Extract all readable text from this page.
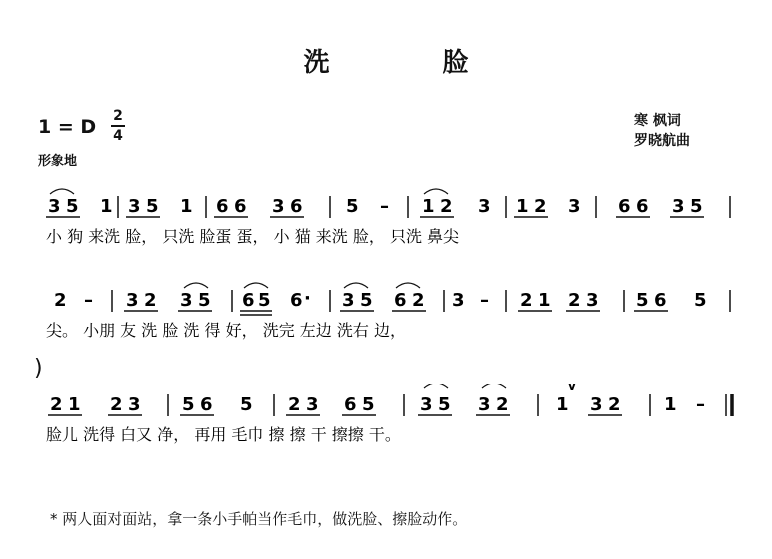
洗 脸
1 = D 2
4
形象地
寒 枫词
罗晓航曲
3 5 1 3 5 1 6 6 3 6 5 – 1 2 3 1 2 3 6 6 3 5
小 狗 来洗 脸， 只洗 脸蛋 蛋， 小 猫 来洗 脸， 只洗 鼻尖
2 – 3 2 3 5 6 5 6 · 3 5 6 2 3 – 2 1 2 3 5 6 5
尖。 小朋 友 洗 脸 洗 得 好， 洗完 左边 洗右 边，
)
2 1 2 3 5 6 5 2 3 6 5	3 5 3 2	1
v
3 2 1 –
脸儿 洗得 白又 净， 再用 毛巾 擦 擦 干 擦擦 干。
* 两人面对面站，拿一条小手帕当作毛巾，做洗脸、擦脸动作。
